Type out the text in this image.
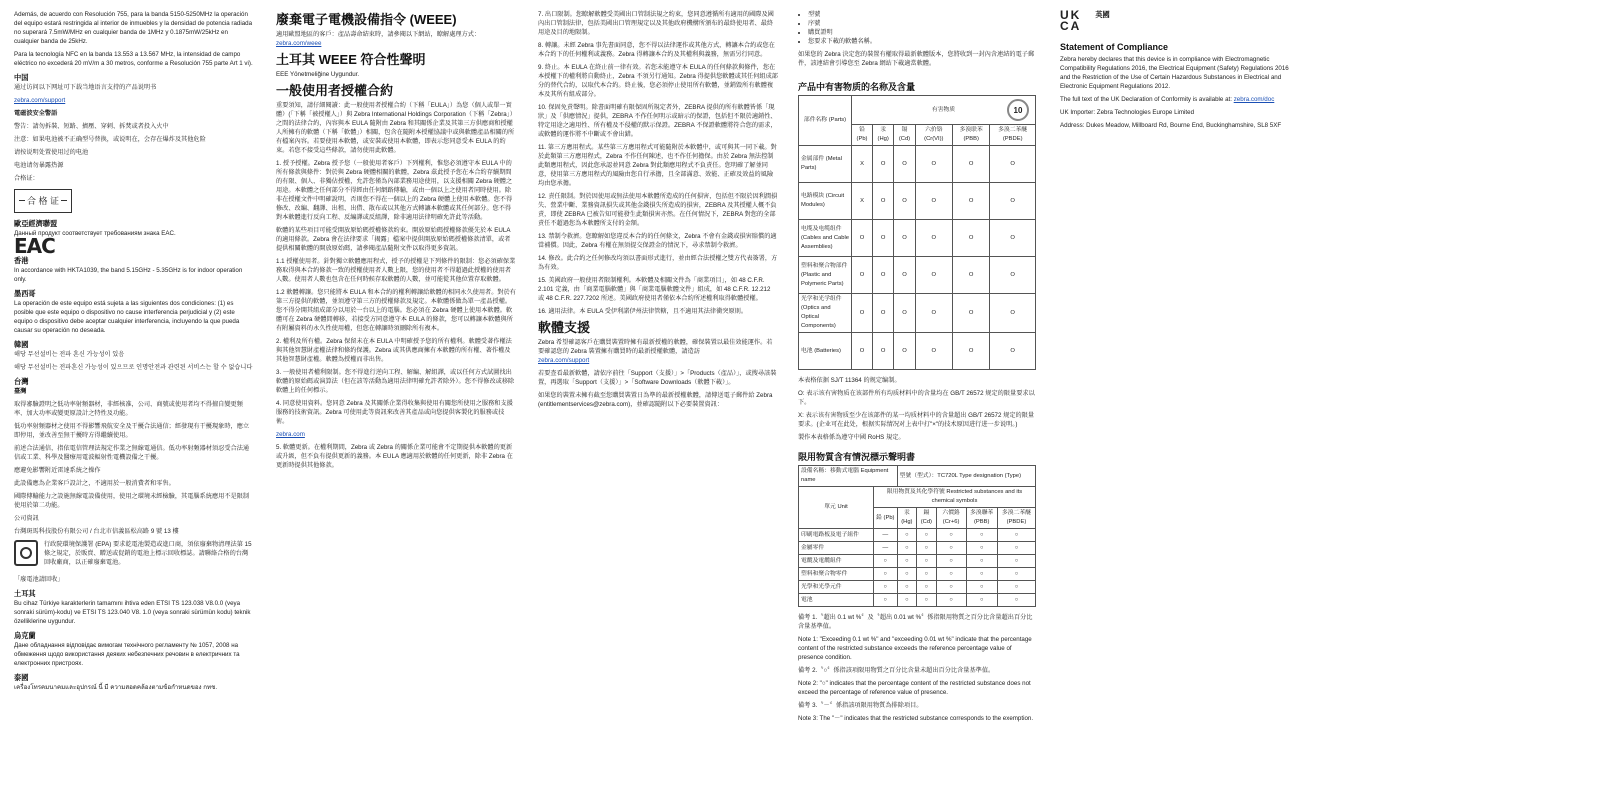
Además, de acuerdo con Resolución 755, para la banda 5150-5250MHz la operación del equipo estará restringida al interior de inmuebles y la densidad de potencia radiada no superará 7.5mW/MHz en cualquier banda de 1MHz y 0.1875mW/25kHz en cualquier banda de 25kHz.

Para la tecnología NFC en la banda 13.553 a 13.567 MHz, la intensidad de campo eléctrico no excederá 20 mV/m a 30 metros, conforme a Resolución 755 parte Art 1 vi).

中国

通过访问以下网址可下载当地语言支持的产品说明书

zebra.com/support

電磁波安全警語

警告：請勿拆裝、短路、擠壓、穿刺、拆焚或者投入火中

注意：如果电池被不正确型号替换，或说明在，会存在爆炸及其他危险

请按说明处置使用过的电池

电池请勿暴露热源

合格证：

合 格 证
歐亞經濟聯盟

Данный продукт соответствует требованиям знака EAC.

ЕАС
香港

In accordance with HKTA1039, the band 5.15GHz - 5.35GHz is for indoor operation only.

墨西哥

La operación de este equipo está sujeta a las siguientes dos condiciones: (1) es posible que este equipo o dispositivo no cause interferencia perjudicial y (2) este equipo o dispositivo debe aceptar cualquier interferencia, incluyendo la que pueda causar su operación no deseada.

韓國

해당 무선설비는 전파 혼신 가능성이 있음

해당 무선설비는 전파혼신 가능성이 있으므로 인명안전과 관련된 서비스는 할 수 없습니다

台灣

臺灣

取得審驗證明之低功率射頻器材，非經核准，公司、商號或使用者均不得擅自變更頻率、加大功率或變更原設計之特性及功能。

低功率射頻器材之使用不得影響飛航安全及干擾合法通信；經發現有干擾現象時，應立即停用，並改善至無干擾時方得繼續使用。

前述合法通信，指依電信管理法規定作業之無線電通信。低功率射頻器材須忍受合法通信或工業、科學及醫療用電波輻射性電機設備之干擾。

應避免影響附近雷達系統之操作

此設備應為企業客戶設計之，不適用於一般消費者和零售。

國際傳輸能力之設施無線電設備使用，使用之環境未經檢驗，其電腦系統應用不是限制使用於第二功能。

公司資訊

台灣斑馬科技股份有限公司 / 台北市信義區松高路 9 號 13 樓

行政院環境保護署 (EPA) 要求乾電池製造或進口商，須依廢棄物清理法第 15 條之規定，於販賣、贈送或促銷的電池上標示回收標誌。請聯絡合格的台灣回收廠商，以正確廢棄電池。

「廢電池請回收」

土耳其

Bu cihaz Türkiye karakterlerin tamamını ihtiva eden ETSI TS 123.038 V8.0.0 (veya sonraki sürüm)-kodu) ve ETSI TS 123.040 V8. 1.0 (veya sonraki sürümün kodu) teknik özelliklerine uygundur.

烏克蘭

Дане обладнання відповідає вимогам технічного регламенту № 1057, 2008 на обмеження щодо використання деяких небезпечних речовин в електричних та електронних пристроях.

泰國

เครื่องโทรคมนาคมและอุปกรณ์ นี้ มี ความสอดคล้องตามข้อกำหนดของ กทช.

廢棄電子電機設備指令 (WEEE)

適用歐盟地區的客戶：產品壽命結束時，請參閱以下網站，瞭解處理方式：

zebra.com/weee

土耳其 WEEE 符合性聲明

EEE Yönetmeliğine Uygundur.

一般使用者授權合約

重要須知，請仔細閱讀：此一般使用者授權合約（下稱「EULA」）為您（個人或單一實體）(「下稱「被授權人」）與 Zebra International Holdings Corporation（下稱「Zebra」）之間的法律合約，內容與本 EULA 隨附由 Zebra 和其關係企業及其第三方供應商和授權人所擁有的軟體（下稱「軟體」）相關，包含在隨附本授權協議中或與軟體產品相關的所有檔案內容。若要使用本軟體，或安裝或使用本軟體，即表示您同意受本 EULA 的約束。若您不接受這些條款，請勿使用此軟體。

1. 授予授權。Zebra 授予您（一般使用者客戶）下列權利，惟您必須遵守本 EULA 中的所有條款與條件：對於與 Zebra 硬體相關的軟體，Zebra 茲此授予您在本合約存續期間的有限、個人、非獨佔授權，允許您僅為內部業務用途使用，以支援相關 Zebra 硬體之用途。本軟體之任何部分不得經由任何網路傳輸，或由一個以上之使用者同時使用。除非在授權文件中明確說明，否則您不得在一個以上的 Zebra 硬體上使用本軟體。您不得修改、改編、翻譯、出租、出借、散布或以其他方式轉讓本軟體或其任何部分。您不得對本軟體進行反向工程、反編譯或反組譯，除非適用法律明確允許此等活動。

軟體的某些項目可能受開放原始碼授權條款約束。開放原始碼授權條款優先於本 EULA 的適用條款。Zebra 會在法律要求「揭露」檔案中提供開放原始碼授權條款清單，或者提供相關軟體的開放原始碼，請參閱產品隨附文件以取得更多資訊。

1.1 授權使用者。針對獨立軟體應用程式，授予的授權是下列條件的限制：您必須確保業務取得與本合約條款一致的授權使用者人數上限，您的使用者不得超過此授權的使用者人數。使用者人數也包含在任何時候存取軟體的人數，並可能從其他位置存取軟體。

1.2 軟體轉讓。您只能將本 EULA 和本合約的權利轉讓給軟體的相同永久使用者。對於有第三方提供的軟體，並須遵守第三方的授權條款及規定。本軟體係做為單一產品授權。您不得分開其組成部分以用於一台以上的電腦。您必須在 Zebra 硬體上使用本軟體。軟體可在 Zebra 硬體間轉移，若接受方同意遵守本 EULA 的條款，您可以轉讓本軟體與所有附屬資料的永久性使用權，但您在轉讓時須刪除所有複本。

2. 權利及所有權。Zebra 保留未在本 EULA 中明確授予您的所有權利。軟體受著作權法與其他智慧財產權法律和條約保護。Zebra 或其供應商擁有本軟體的所有權、著作權及其他智慧財產權。軟體為授權而非出售。

3. 一般使用者權利限制。您不得進行逆向工程、解編、解組譯，或以任何方式試圖找出軟體的原始碼或演算法（但在該等活動為適用法律明確允許者除外）。您不得修改或移除軟體上的任何標示。

4. 同意使用資料。您同意 Zebra 及其關係企業得收集與使用有關您所使用之服務和支援服務的技術資訊。Zebra 可使用此等資訊來改善其產品或向您提供客製化的服務或技術。

zebra.com

5. 軟體更新。在權利期間，Zebra 或 Zebra 的關係企業可能會不定期提供本軟體的更新或升級，但不負有提供更新的義務。本 EULA 應適用於軟體的任何更新，除非 Zebra 在更新時提供其他條款。

7. 出口限制。您瞭解軟體受美國出口管制法規之約束，您同意遵循所有適用的國際及國內出口管制法律，包括美國出口管理規定以及其他政府機構所頒布的最終使用者、最終用途及目的地限制。

8. 轉讓。未經 Zebra 事先書面同意，您不得以法律運作或其他方式，轉讓本合約或您在本合約下的任何權利或義務。Zebra 得轉讓本合約及其權利與義務，無需另行同意。

9. 終止。本 EULA 在終止前一律有效。若您未能遵守本 EULA 的任何條款與條件，您在本授權下的權利將自動終止，Zebra 不須另行通知。Zebra 得提供您軟體或其任何組成部分的替代合約，以取代本合約。終止後，您必須停止使用所有軟體，並銷毀所有軟體複本及其所有組成部分。

10. 保固免責聲明。除書面明確有限保固所規定者外，ZEBRA 提供的所有軟體皆係「現狀」及「供應情況」提供，ZEBRA 不作任何明示或暗示的保證，包括但不限於適銷性、特定用途之適用性、所有權及不侵權的默示保證。ZEBRA 不保證軟體將符合您的需求，或軟體的運作將不中斷或不會出錯。

11. 第三方應用程式。某些第三方應用程式可能隨附於本軟體中，或可與其一同下載。對於此類第三方應用程式，Zebra 不作任何陳述，也不作任何擔保。由於 Zebra 無法控制此類應用程式，因此您承認並同意 Zebra 對此類應用程式不負責任。您明確了解並同意，使用第三方應用程式的風險由您自行承擔，且全部滿意、效能、正確及效益的風險均由您承擔。

12. 責任限制。對於因使用或無法使用本軟體所造成的任何損害，包括但不限於因利潤損失、營業中斷、業務資訊損失或其他金錢損失所造成的損害，ZEBRA 及其授權人概不負責，即使 ZEBRA 已被告知可能發生此類損害亦然。在任何情況下，ZEBRA 對您的全部責任不超過您為本軟體所支付的金額。

13. 禁制令救濟。您瞭解如您違反本合約的任何條文，Zebra 不會有金錢或損害賠償的適當補償。因此，Zebra 有權在無須提交保證金的情況下，尋求禁制令救濟。

14. 修改。此合約之任何修改均須以書面形式進行，並由經合法授權之雙方代表簽署，方為有效。

15. 美國政府一般使用者限制權利。本軟體及相關文件為「商業項目」，如 48 C.F.R. 2.101 定義，由「商業電腦軟體」與「商業電腦軟體文件」組成，如 48 C.F.R. 12.212 或 48 C.F.R. 227.7202 所述。美國政府使用者僅依本合約所述權利取得軟體授權。

16. 適用法律。本 EULA 受伊利諾伊州法律管轄，且不適用其法律衝突原則。

軟體支援

Zebra 希望確認客戶在購買裝置時擁有最新授權的軟體，確保裝置以最佳效能運作。若要確認您的 Zebra 裝置擁有購買時的最新授權軟體，請造訪

zebra.com/support

若要查看最新軟體，請依序前往「Support（支援）」>「Products（產品）」，或搜尋該裝置，再選取「Support（支援）」>「Software Downloads（軟體下載）」。

如果您的裝置未擁有截至您購買裝置日為準的最新授權軟體，請傳送電子郵件給 Zebra (entitlementservices@zebra.com)，並確認隨附以下必要裝置資訊：

• 型號
• 序號
• 購買證明
• 您要求下載的軟體名稱。

如果您的 Zebra 決定您的裝置有權取得最新軟體版本，您將收到一封內含連結的電子郵件，該連結會引導您至 Zebra 網站下載適當軟體。

产品中有害物质的名称及含量
部件名称 (Parts)	有害物质 10					

	铅 (Pb)	汞 (Hg)	镉 (Cd)	六价铬 (Cr(VI))	多溴联苯 (PBB)	多溴二苯醚 (PBDE)
金属部件 (Metal Parts)	X	O	O	O	O	O
电路模块 (Circuit Modules)	X	O	O	O	O	O
电缆及电缆组件 (Cables and Cable Assemblies)	O	O	O	O	O	O
塑料和聚合物部件 (Plastic and Polymeric Parts)	O	O	O	O	O	O
光学和光学组件 (Optics and Optical Components)	O	O	O	O	O	O
电池 (Batteries)	O	O	O	O	O	O

本表格依据 SJ/T 11364 的规定编制。

O: 表示该有害物质在该部件所有均质材料中的含量均在 GB/T 26572 规定的限量要求以下。

X: 表示该有害物质至少在该部件的某一均质材料中的含量超出 GB/T 26572 规定的限量要求。(企业可在此处，根据实际情况对上表中打"×"的技术原因进行进一步说明。)

製作本表格係為遵守中國 RoHS 規定。

限用物質含有情況標示聲明書
設備名稱：移動式電腦 Equipment name		型號（型式）：TC720L Type designation (Type)				
單元 Unit	限用物質及其化學符號 Restricted substances and its chemical symbols					
	鉛 (Pb)	汞 (Hg)	鎘 (Cd)	六價鉻 (Cr+6)	多溴聯苯 (PBB)	多溴二苯醚 (PBDE)
印刷電路板及電子組件	—	○	○	○	○	○
金屬零件	—	○	○	○	○	○
電纜及電纜組件	○	○	○	○	○	○
塑料和聚合物零件	○	○	○	○	○	○
光學和光學元件	○	○	○	○	○	○
電池	○	○	○	○	○	○

備考 1.〝超出 0.1 wt %〞及〝超出 0.01 wt %〞係指限用物質之百分比含量超出百分比含量基準值。

Note 1: "Exceeding 0.1 wt %" and "exceeding 0.01 wt %" indicate that the percentage content of the restricted substance exceeds the reference percentage value of presence condition.

備考 2.〝○〞係指該項限用物質之百分比含量未超出百分比含量基準值。

Note 2: "○" indicates that the percentage content of the restricted substance does not exceed the percentage of reference value of presence.

備考 3.〝－〞係指該項限用物質為排除項目。

Note 3: The "－" indicates that the restricted substance corresponds to the exemption.

UK
CA
英國
Statement of Compliance

Zebra hereby declares that this device is in compliance with Electromagnetic Compatibility Regulations 2016, the Electrical Equipment (Safety) Regulations 2016 and the Restriction of the Use of Certain Hazardous Substances in Electrical and Electronic Equipment Regulations 2012.

The full text of the UK Declaration of Conformity is available at: zebra.com/doc

UK Importer: Zebra Technologies Europe Limited

Address: Dukes Meadow, Millboard Rd, Bourne End, Buckinghamshire, SL8 5XF
